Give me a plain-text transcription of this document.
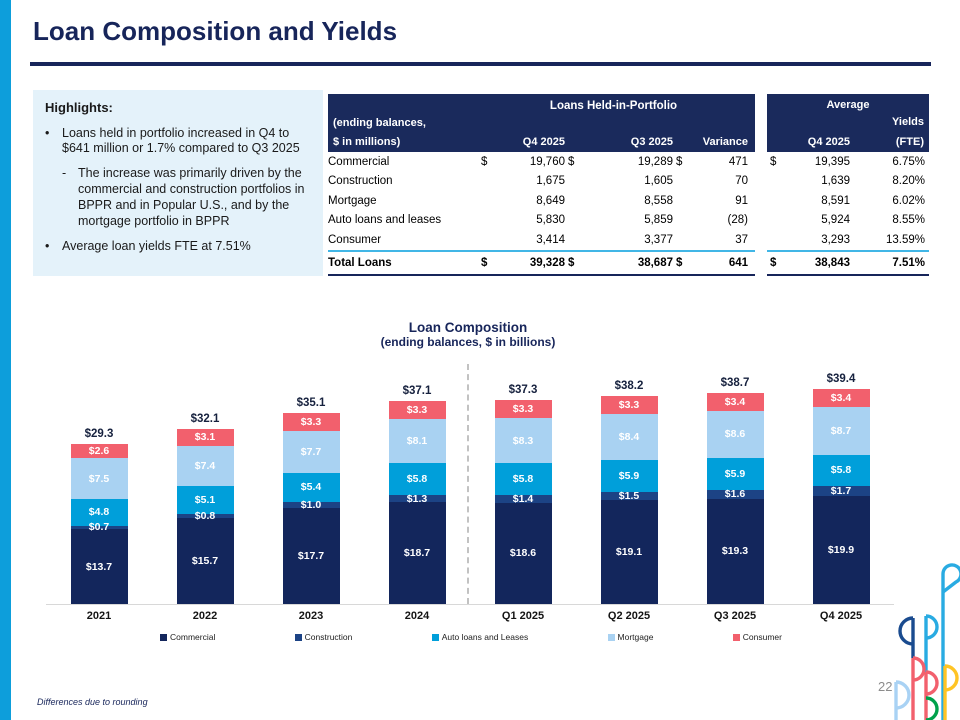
Loan Composition and Yields
Highlights:
•	Loans held in portfolio increased in Q4 to $641 million or 1.7% compared to Q3 2025
- The increase was primarily driven by the commercial and construction portfolios in BPPR and in Popular U.S., and by the mortgage portfolio in BPPR
•	Average loan yields FTE at 7.51%
Loans Held-in-Portfolio
(ending balances,
$ in millions)	Q4 2025	Q3 2025	Variance
Commercial	$	19,760 $	19,289 $	471
Construction	1,675	1,605	70
Mortgage	8,649	8,558	91
Auto loans and leases	5,830	5,859	(28)
Consumer	3,414	3,377	37
Total Loans	$	39,328 $	38,687 $	641
Average
Yields
Q4 2025	(FTE)
$	19,395	6.75%
1,639	8.20%
8,591	6.02%
5,924	8.55%
3,293	13.59%
$	38,843	7.51%
Loan Composition
(ending balances, $ in billions)
$29.3
$2.6
$7.5
$4.8
$0.7
$13.7
$32.1
$3.1
$7.4
$5.1
$0.8
$15.7
$35.1
$3.3
$7.7
$5.4
$1.0
$17.7
$37.1
$3.3
$8.1
$5.8
$1.3
$18.7
$37.3
$3.3
$8.3
$5.8
$1.4
$18.6
$38.2
$3.3
$8.4
$5.9
$1.5
$19.1
$38.7
$3.4
$8.6
$5.9
$1.6
$19.3
$39.4
$3.4
$8.7
$5.8
$1.7
$19.9
2021	2022	2023	2024	Q1 2025	Q2 2025	Q3 2025	Q4 2025
Commercial	Construction	Auto loans and Leases	Mortgage	Consumer
Differences due to rounding
22
